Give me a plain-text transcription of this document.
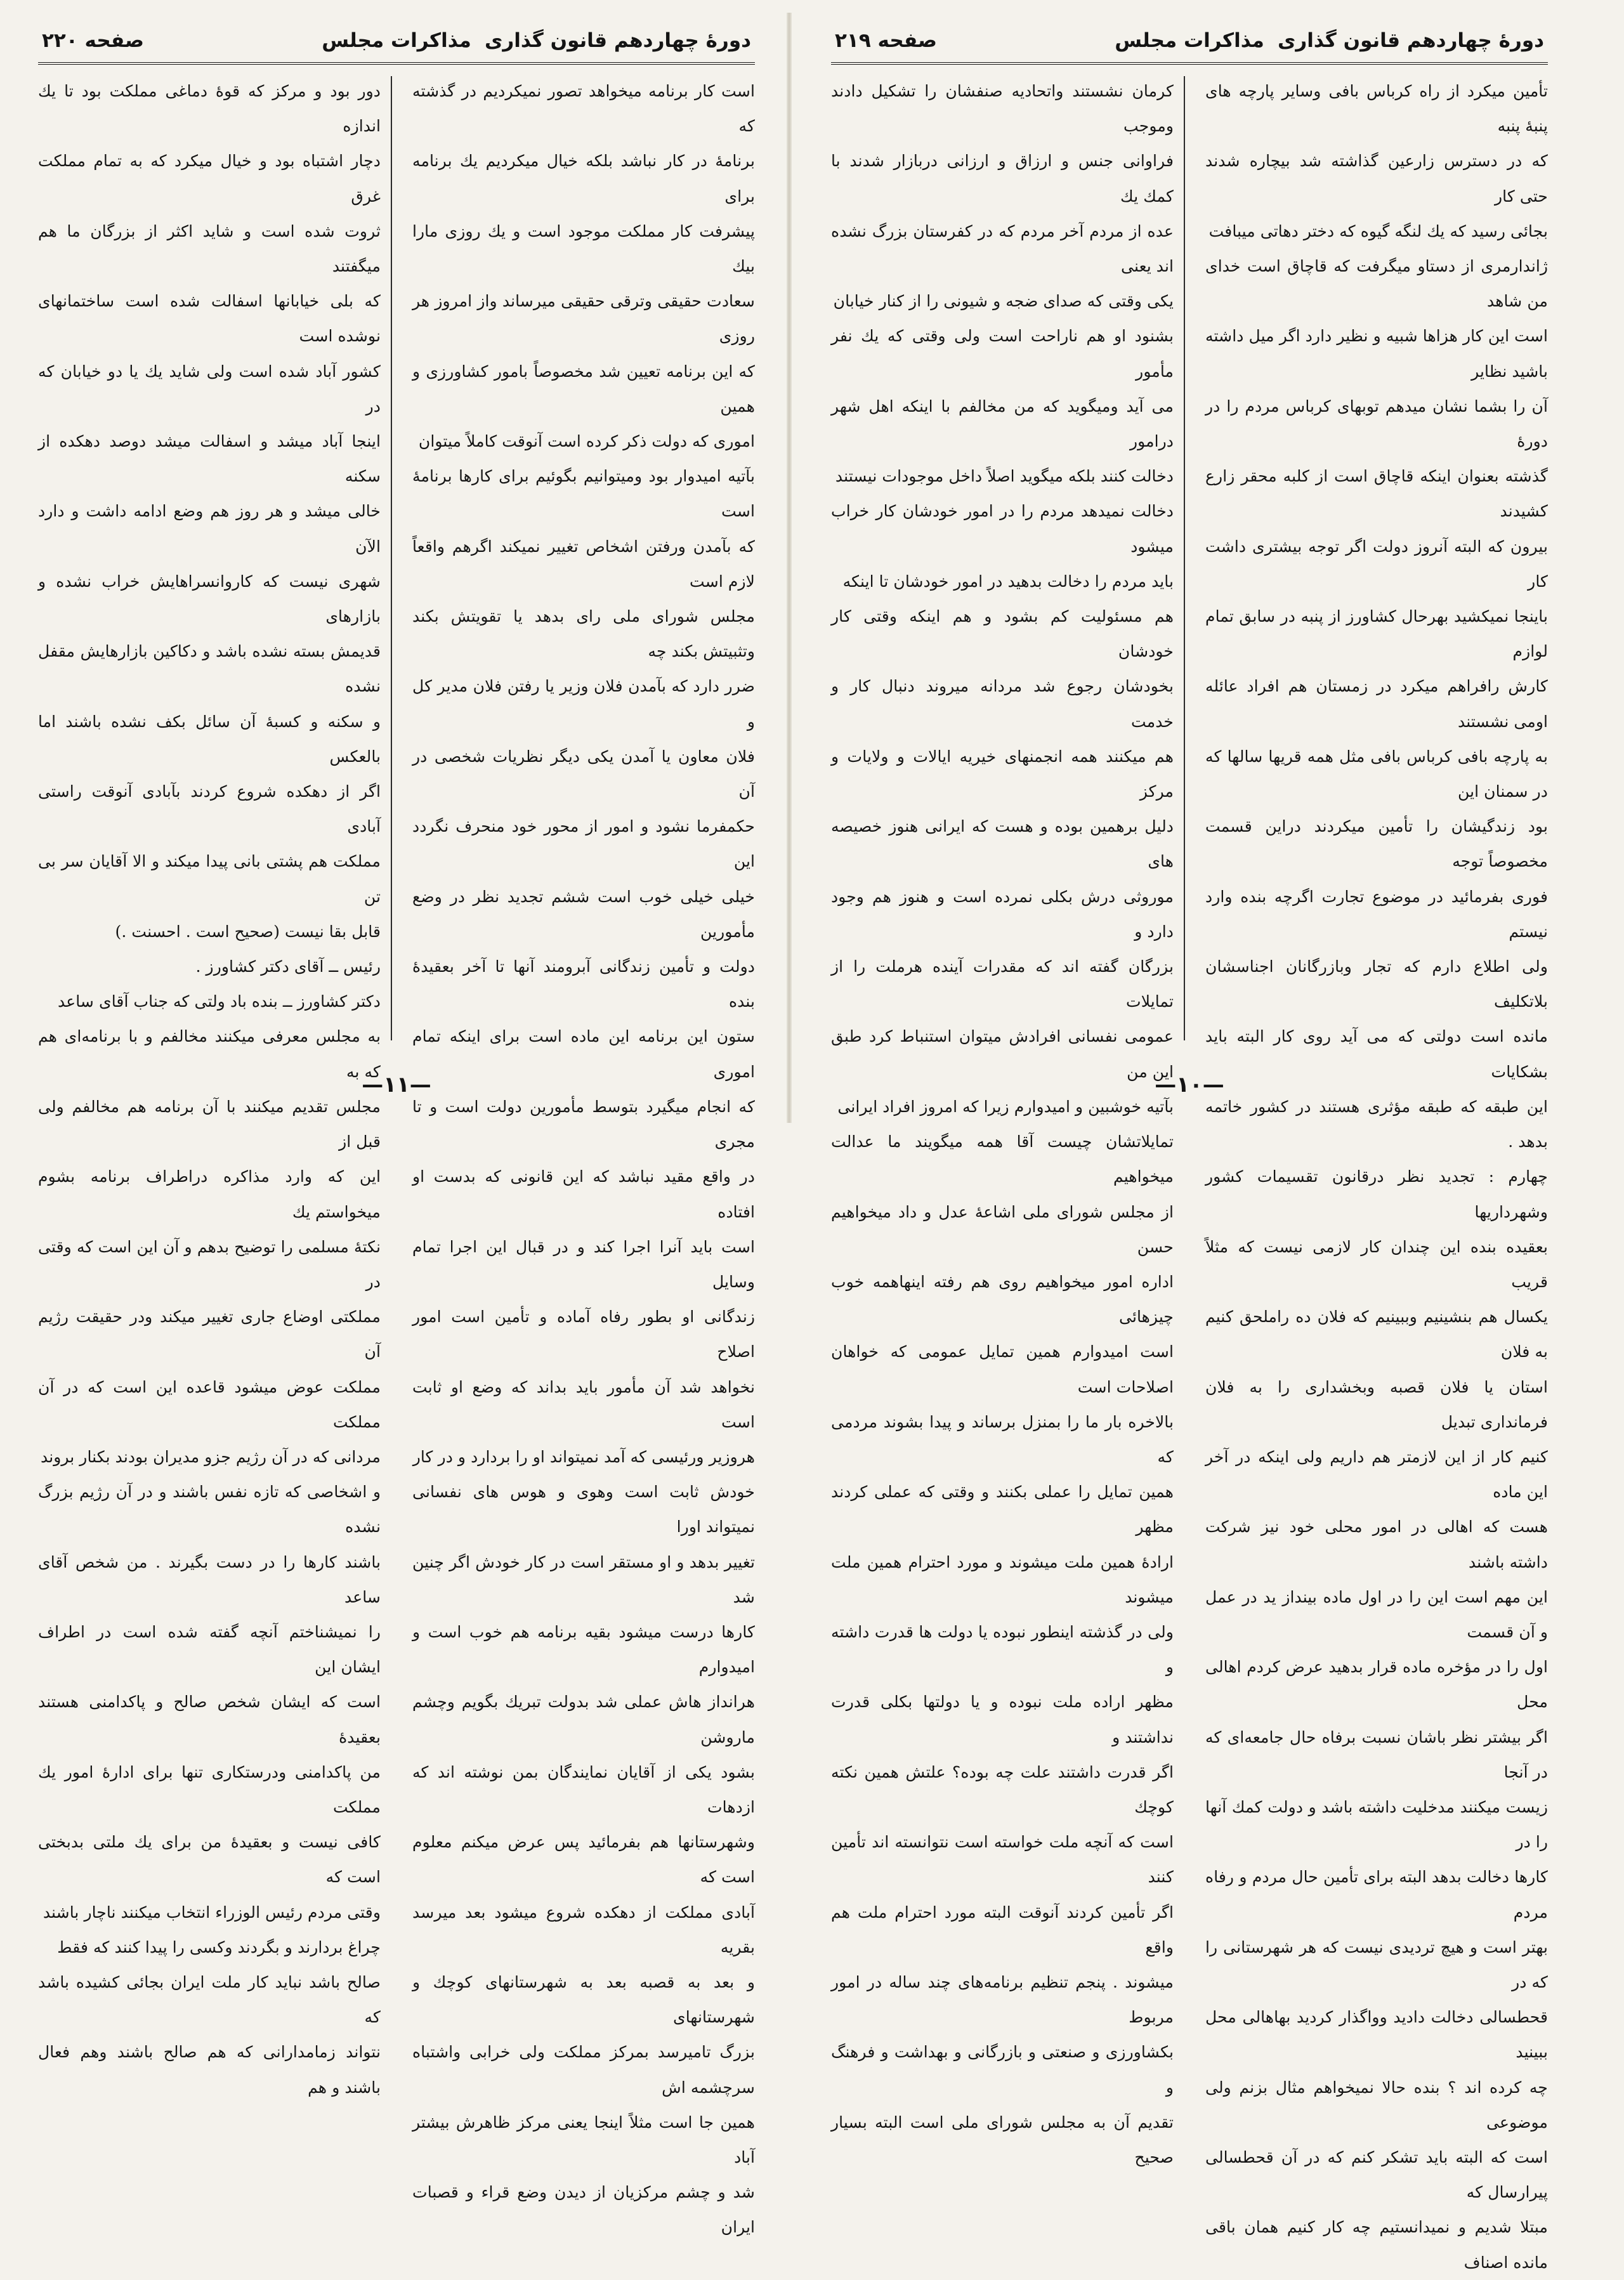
دورهٔ چهاردهم قانون گذاری
مذاکرات مجلس
صفحه ۲۲۰
است کار برنامه میخواهد تصور نمیکردیم در گذشته که
برنامهٔ در کار نباشد بلکه خیال میکردیم یك برنامه برای
پیشرفت کار مملکت موجود است و یك روزی مارا بیك
سعادت حقیقی وترقی حقیقی میرساند واز امروز هر روزی
که این برنامه تعیین شد مخصوصاً بامور کشاورزی و همین
اموری که دولت ذکر کرده است آنوقت کاملاً میتوان
بآتیه امیدوار بود ومیتوانیم بگوئیم برای کارها برنامهٔ است
که بآمدن ورفتن اشخاص تغییر نمیکند اگرهم واقعاً لازم است
مجلس شورای ملی رای بدهد یا تقویتش بکند وتثبیتش بکند چه
ضرر دارد که بآمدن فلان وزیر یا رفتن فلان مدیر کل و
فلان معاون یا آمدن یکی دیگر نظریات شخصی در آن
حکمفرما نشود و امور از محور خود منحرف نگردد این
خیلی خیلی خوب است ششم تجدید نظر در وضع مأمورین
دولت و تأمین زندگانی آبرومند آنها تا آخر بعقیدهٔ بنده
ستون این برنامه این ماده است برای اینکه تمام اموری
که انجام میگیرد بتوسط مأمورین دولت است و تا مجری
در واقع مقید نباشد که این قانونی که بدست او افتاده
است باید آنرا اجرا کند و در قبال این اجرا تمام وسایل
زندگانی او بطور رفاه آماده و تأمین است امور اصلاح
نخواهد شد آن مأمور باید بداند که وضع او ثابت است
هروزیر ورئیسی که آمد نمیتواند او را بردارد و در کار
خودش ثابت است وهوی و هوس های نفسانی نمیتواند اورا
تغییر بدهد و او مستقر است در کار خودش اگر چنین شد
کارها درست میشود بقیه برنامه هم خوب است و امیدوارم
هرانداز هاش عملی شد بدولت تبریك بگویم وچشم ماروشن
بشود یکی از آقایان نمایندگان بمن نوشته اند که ازدهات
وشهرستانها هم بفرمائید پس عرض میکنم معلوم است که
آبادی مملکت از دهکده شروع میشود بعد میرسد بقریه
و بعد به قصبه بعد به شهرستانهای کوچك و شهرستانهای
بزرگ تامیرسد بمرکز مملکت ولی خرابی واشتباه سرچشمه اش
همین جا است مثلاً اینجا یعنی مرکز ظاهرش بیشتر آباد
شد و چشم مرکزیان از دیدن وضع قراء و قصبات ایران
دور بود و مرکز که قوهٔ دماغی مملکت بود تا یك اندازه
دچار اشتباه بود و خیال میکرد که به تمام مملکت غرق
ثروت شده است و شاید اکثر از بزرگان ما هم میگفتند
که بلی خیابانها اسفالت شده است ساختمانهای نوشده است
کشور آباد شده است ولی شاید یك یا دو خیابان که در
اینجا آباد میشد و اسفالت میشد دوصد دهکده از سکنه
خالی میشد و هر روز هم وضع ادامه داشت و دارد الآن
شهری نیست که کاروانسراهایش خراب نشده و بازارهای
قدیمش بسته نشده باشد و دکاکین بازارهایش مقفل نشده
و سکنه و کسبهٔ آن سائل بکف نشده باشند اما بالعکس
اگر از دهکده شروع کردند بآبادی آنوقت راستی آبادی
مملکت هم پشتی بانی پیدا میکند و الا آقایان سر بی تن
قابل بقا نیست (صحیح است . احسنت .)
رئیس ــ آقای دکتر کشاورز .
دکتر کشاورز ــ بنده باد ولتی که جناب آقای ساعد
به مجلس معرفی میکنند مخالفم و با برنامه‌ای هم که به
مجلس تقدیم میکنند با آن برنامه هم مخالفم ولی قبل از
این که وارد مذاکره دراطراف برنامه بشوم میخواستم یك
نکتهٔ مسلمی را توضیح بدهم و آن این است که وقتی در
مملکتی اوضاع جاری تغییر میکند ودر حقیقت رژیم آن
مملکت عوض میشود قاعده این است که در آن مملکت
مردانی که در آن رژیم جزو مدیران بودند بکنار بروند
و اشخاصی که تازه نفس باشند و در آن رژیم بزرگ نشده
باشند کارها را در دست بگیرند . من شخص آقای ساعد
را نمیشناختم آنچه گفته شده است در اطراف ایشان این
است که ایشان شخص صالح و پاکدامنی هستند بعقیدهٔ
من پاکدامنی ودرستکاری تنها برای ادارهٔ امور یك مملکت
کافی نیست و بعقیدهٔ من برای یك ملتی بدبختی است که
وقتی مردم رئیس الوزراء انتخاب میکنند ناچار باشند
چراغ بردارند و بگردند وکسی را پیدا کنند که فقط
صالح باشد نباید کار ملت ایران بجائی کشیده باشد که
نتواند زمامدارانی که هم صالح باشند وهم فعال باشند و هم
—۱۱—
دورهٔ چهاردهم قانون گذاری
مذاکرات مجلس
صفحه ۲۱۹
تأمین میکرد از راه کرباس بافی وسایر پارچه های پنبهٔ پنبه
که در دسترس زارعین گذاشته شد بیچاره شدند حتی کار
بجائی رسید که یك لنگه گیوه که دختر دهاتی میبافت
ژاندارمری از دستاو میگرفت که قاچاق است خدای من شاهد
است این کار هزاها شبیه و نظیر دارد اگر میل داشته باشید نظایر
آن را بشما نشان میدهم توبهای کرباس مردم را در دورهٔ
گذشته بعنوان اینکه قاچاق است از کلبه محقر زارع کشیدند
بیرون که البته آنروز دولت اگر توجه بیشتری داشت کار
باینجا نمیکشید بهرحال کشاورز از پنبه در سابق تمام لوازم
کارش رافراهم میکرد در زمستان هم افراد عائله اومی نشستند
به پارچه بافی کرباس بافی مثل همه قریها سالها که در سمنان این
بود زندگیشان را تأمین میکردند دراین قسمت مخصوصاً توجه
فوری بفرمائید در موضوع تجارت اگرچه بنده وارد نیستم
ولی اطلاع دارم که تجار وبازرگانان اجناسشان بلاتکلیف
مانده است دولتی که می آید روی کار البته باید بشکایات
این طبقه که طبقه مؤثری هستند در کشور خاتمه بدهد .
چهارم : تجدید نظر درقانون تقسیمات کشور وشهرداریها
بعقیده بنده این چندان کار لازمی نیست که مثلاً قریب
یکسال هم بنشینیم وببینیم که فلان ده راملحق کنیم به فلان
استان یا فلان قصبه وبخشداری را به فلان فرمانداری تبدیل
کنیم کار از این لازمتر هم داریم ولی اینکه در آخر این ماده
هست که اهالی در امور محلی خود نیز شرکت داشته باشند
این مهم است این را در اول ماده بینداز ید در عمل و آن قسمت
اول را در مؤخره ماده قرار بدهید عرض کردم اهالی محل
اگر بیشتر نظر باشان نسبت برفاه حال جامعه‌ای که در آنجا
زیست میکنند مدخلیت داشته باشد و دولت کمك آنها را در
کارها دخالت بدهد البته برای تأمین حال مردم و رفاه مردم
بهتر است و هیچ تردیدی نیست که هر شهرستانی را که در
قحطسالی دخالت دادید وواگذار کردید بهاهالی محل ببینید
چه کرده اند ؟ بنده حالا نمیخواهم مثال بزنم ولی موضوعی
است که البته باید تشکر کنم که در آن قحطسالی پیرارسال که
مبتلا شدیم و نمیدانستیم چه کار کنیم همان باقی مانده اصناف
کرمان نشستند واتحادیه صنفشان را تشکیل دادند وموجب
فراوانی جنس و ارزاق و ارزانی دربازار شدند با کمك یك
عده از مردم آخر مردم که در کفرستان بزرگ نشده اند یعنی
یکی وقتی که صدای ضجه و شیونی را از کنار خیابان
بشنود او هم ناراحت است ولی وقتی که یك نفر مأمور
می آید ومیگوید که من مخالفم با اینکه اهل شهر درامور
دخالت کنند بلکه میگوید اصلاً داخل موجودات نیستند
دخالت نمیدهد مردم را در امور خودشان کار خراب میشود
باید مردم را دخالت بدهید در امور خودشان تا اینکه
هم مسئولیت کم بشود و هم اینکه وقتی کار خودشان
بخودشان رجوع شد مردانه میروند دنبال کار و خدمت
هم میکنند همه انجمنهای خیریه ایالات و ولایات و مرکز
دلیل برهمین بوده و هست که ایرانی هنوز خصیصه های
موروثی درش بکلی نمرده است و هنوز هم وجود دارد و
بزرگان گفته اند که مقدرات آینده هرملت را از تمایلات
عمومی نفسانی افرادش میتوان استنباط کرد طبق این من
بآتیه خوشبین و امیدوارم زیرا که امروز افراد ایرانی
تمایلاتشان چیست آقا همه میگویند ما عدالت میخواهیم
از مجلس شورای ملی اشاعهٔ عدل و داد میخواهیم حسن
اداره امور میخواهیم روی هم رفته اینهاهمه خوب چیزهائی
است امیدوارم همین تمایل عمومی که خواهان اصلاحات است
بالاخره بار ما را بمنزل برساند و پیدا بشوند مردمی که
همین تمایل را عملی بکنند و وقتی که عملی کردند مظهر
ارادهٔ همین ملت میشوند و مورد احترام همین ملت میشوند
ولی در گذشته اینطور نبوده یا دولت ها قدرت داشته و
مظهر اراده ملت نبوده و یا دولتها بکلی قدرت نداشتند و
اگر قدرت داشتند علت چه بوده؟ علتش همین نکته کوچك
است که آنچه ملت خواسته است نتوانسته اند تأمین کنند
اگر تأمین کردند آنوقت البته مورد احترام ملت هم واقع
میشوند . پنجم تنظیم برنامه‌های چند ساله در امور مربوط
بکشاورزی و صنعتی و بازرگانی و بهداشت و فرهنگ و
تقدیم آن به مجلس شورای ملی است البته بسیار صحیح
—۱۰—
